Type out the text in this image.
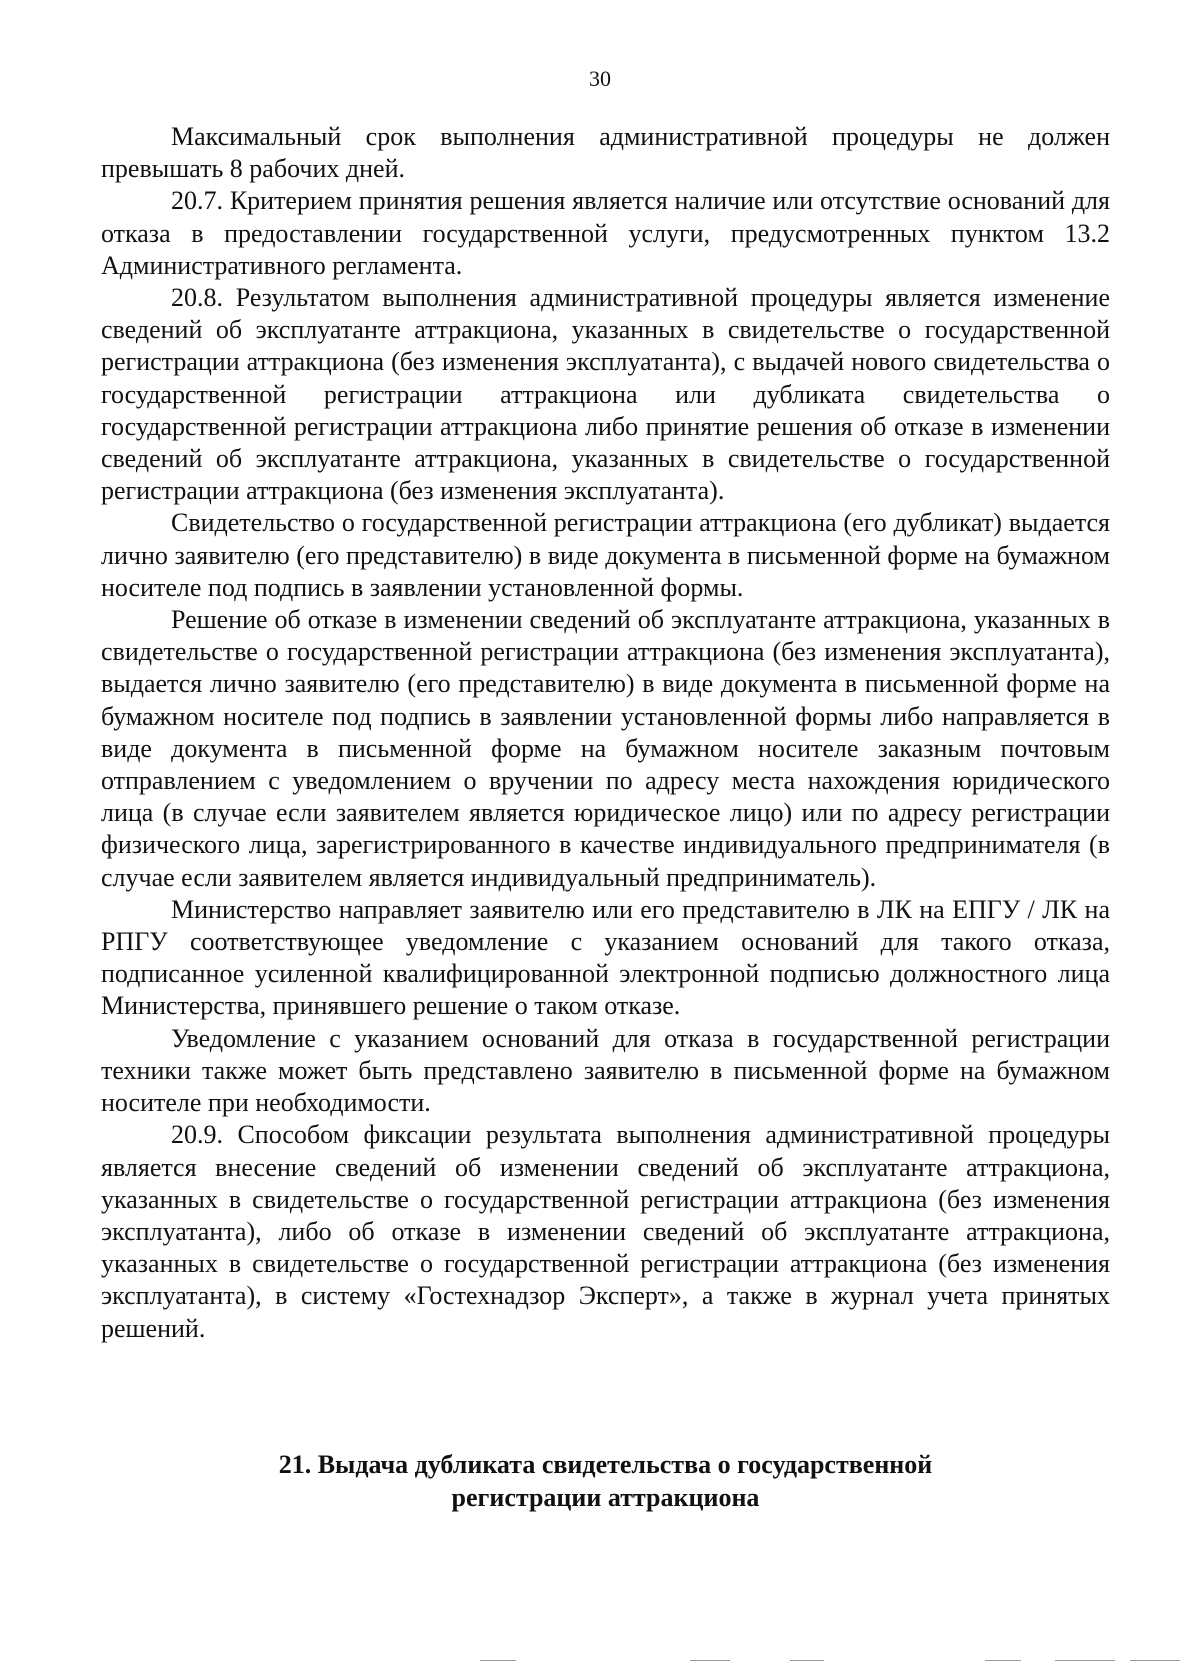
30

Максимальный срок выполнения административной процедуры не должен превышать 8 рабочих дней.

20.7. Критерием принятия решения является наличие или отсутствие оснований для отказа в предоставлении государственной услуги, предусмотренных пунктом 13.2 Административного регламента.

20.8. Результатом выполнения административной процедуры является изменение сведений об эксплуатанте аттракциона, указанных в свидетельстве о государственной регистрации аттракциона (без изменения эксплуатанта), с выдачей нового свидетельства о государственной регистрации аттракциона или дубликата свидетельства о государственной регистрации аттракциона либо принятие решения об отказе в изменении сведений об эксплуатанте аттракциона, указанных в свидетельстве о государственной регистрации аттракциона (без изменения эксплуатанта).

Свидетельство о государственной регистрации аттракциона (его дубликат) выдается лично заявителю (его представителю) в виде документа в письменной форме на бумажном носителе под подпись в заявлении установленной формы.

Решение об отказе в изменении сведений об эксплуатанте аттракциона, указанных в свидетельстве о государственной регистрации аттракциона (без изменения эксплуатанта), выдается лично заявителю (его представителю) в виде документа в письменной форме на бумажном носителе под подпись в заявлении установленной формы либо направляется в виде документа в письменной форме на бумажном носителе заказным почтовым отправлением с уведомлением о вручении по адресу места нахождения юридического лица (в случае если заявителем является юридическое лицо) или по адресу регистрации физического лица, зарегистрированного в качестве индивидуального предпринимателя (в случае если заявителем является индивидуальный предприниматель).

Министерство направляет заявителю или его представителю в ЛК на ЕПГУ / ЛК на РПГУ соответствующее уведомление с указанием оснований для такого отказа, подписанное усиленной квалифицированной электронной подписью должностного лица Министерства, принявшего решение о таком отказе.

Уведомление с указанием оснований для отказа в государственной регистрации техники также может быть представлено заявителю в письменной форме на бумажном носителе при необходимости.

20.9. Способом фиксации результата выполнения административной процедуры является внесение сведений об изменении сведений об эксплуатанте аттракциона, указанных в свидетельстве о государственной регистрации аттракциона (без изменения эксплуатанта), либо об отказе в изменении сведений об эксплуатанте аттракциона, указанных в свидетельстве о государственной регистрации аттракциона (без изменения эксплуатанта), в систему «Гостехнадзор Эксперт», а также в журнал учета принятых решений.

21. Выдача дубликата свидетельства о государственной
регистрации аттракциона
